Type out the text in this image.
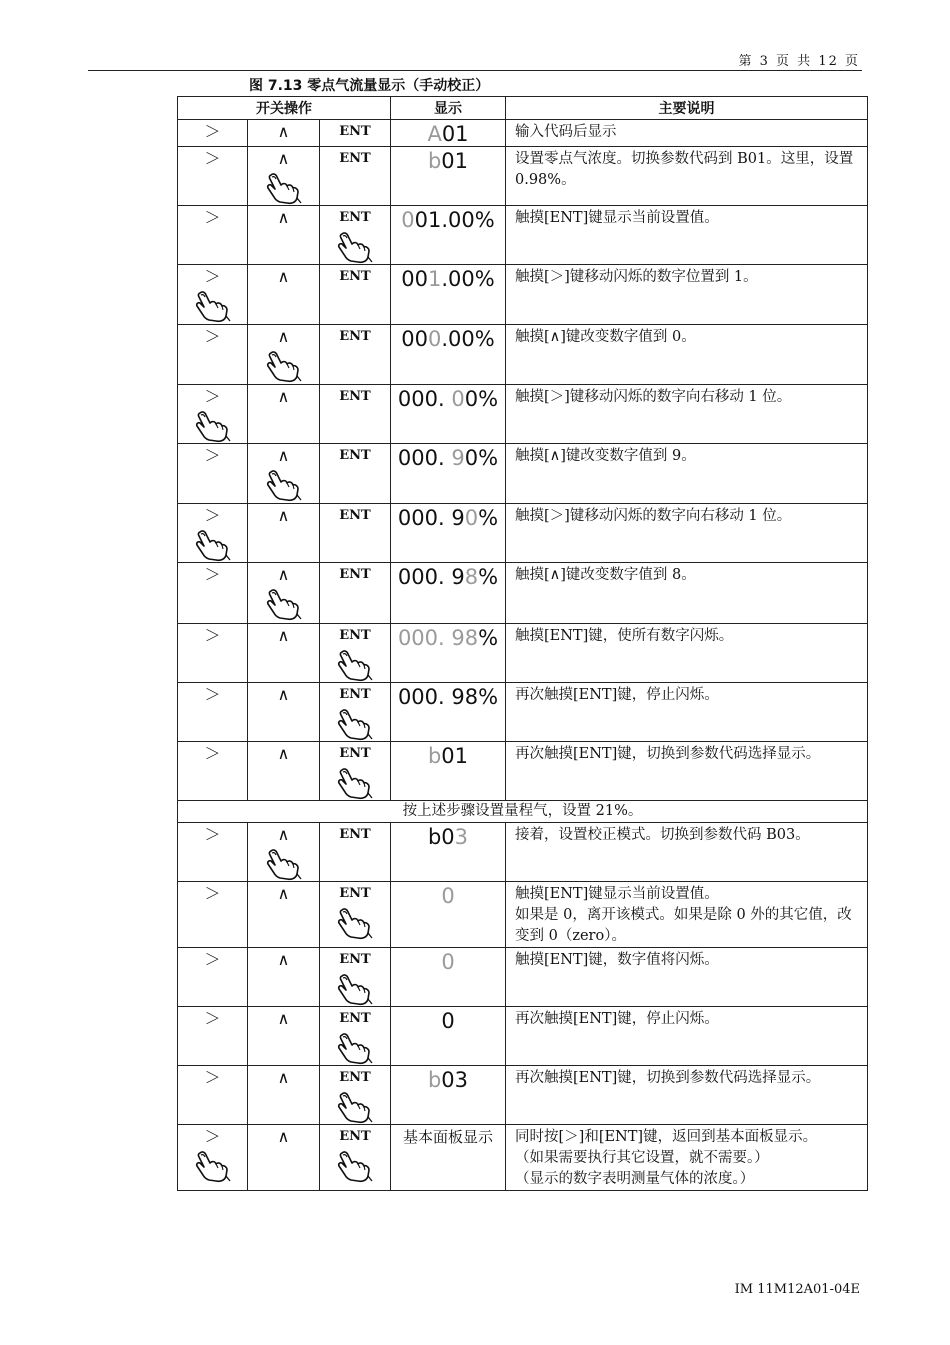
第 3 页 共 12 页
图 7.13 零点气流量显示（手动校正）
开关操作			显示	主要说明

＞	∧	ENT	A01	输入代码后显示

＞	∧	ENT	b01	设置零点气浓度。切换参数代码到 B01。这里，设置 0.98%。

＞	∧	ENT	001.00%	触摸[ENT]键显示当前设置值。

＞	∧	ENT	001.00%	触摸[＞]键移动闪烁的数字位置到 1。

＞	∧	ENT	000.00%	触摸[∧]键改变数字值到 0。

＞	∧	ENT	000. 00%	触摸[＞]键移动闪烁的数字向右移动 1 位。

＞	∧	ENT	000. 90%	触摸[∧]键改变数字值到 9。

＞	∧	ENT	000. 90%	触摸[＞]键移动闪烁的数字向右移动 1 位。

＞	∧	ENT	000. 98%	触摸[∧]键改变数字值到 8。

＞	∧	ENT	000. 98%	触摸[ENT]键，使所有数字闪烁。

＞	∧	ENT	000. 98%	再次触摸[ENT]键，停止闪烁。

＞	∧	ENT	b01	再次触摸[ENT]键，切换到参数代码选择显示。

按上述步骤设置量程气，设置 21%。				

＞	∧	ENT	b03	接着，设置校正模式。切换到参数代码 B03。

＞	∧	ENT	0	触摸[ENT]键显示当前设置值。
如果是 0，离开该模式。如果是除 0 外的其它值，改变到 0（zero）。

＞	∧	ENT	0	触摸[ENT]键，数字值将闪烁。

＞	∧	ENT	0	再次触摸[ENT]键，停止闪烁。

＞	∧	ENT	b03	再次触摸[ENT]键，切换到参数代码选择显示。

＞	∧	ENT	基本面板显示	同时按[＞]和[ENT]键，返回到基本面板显示。
（如果需要执行其它设置，就不需要。）
（显示的数字表明测量气体的浓度。）
IM 11M12A01-04E
